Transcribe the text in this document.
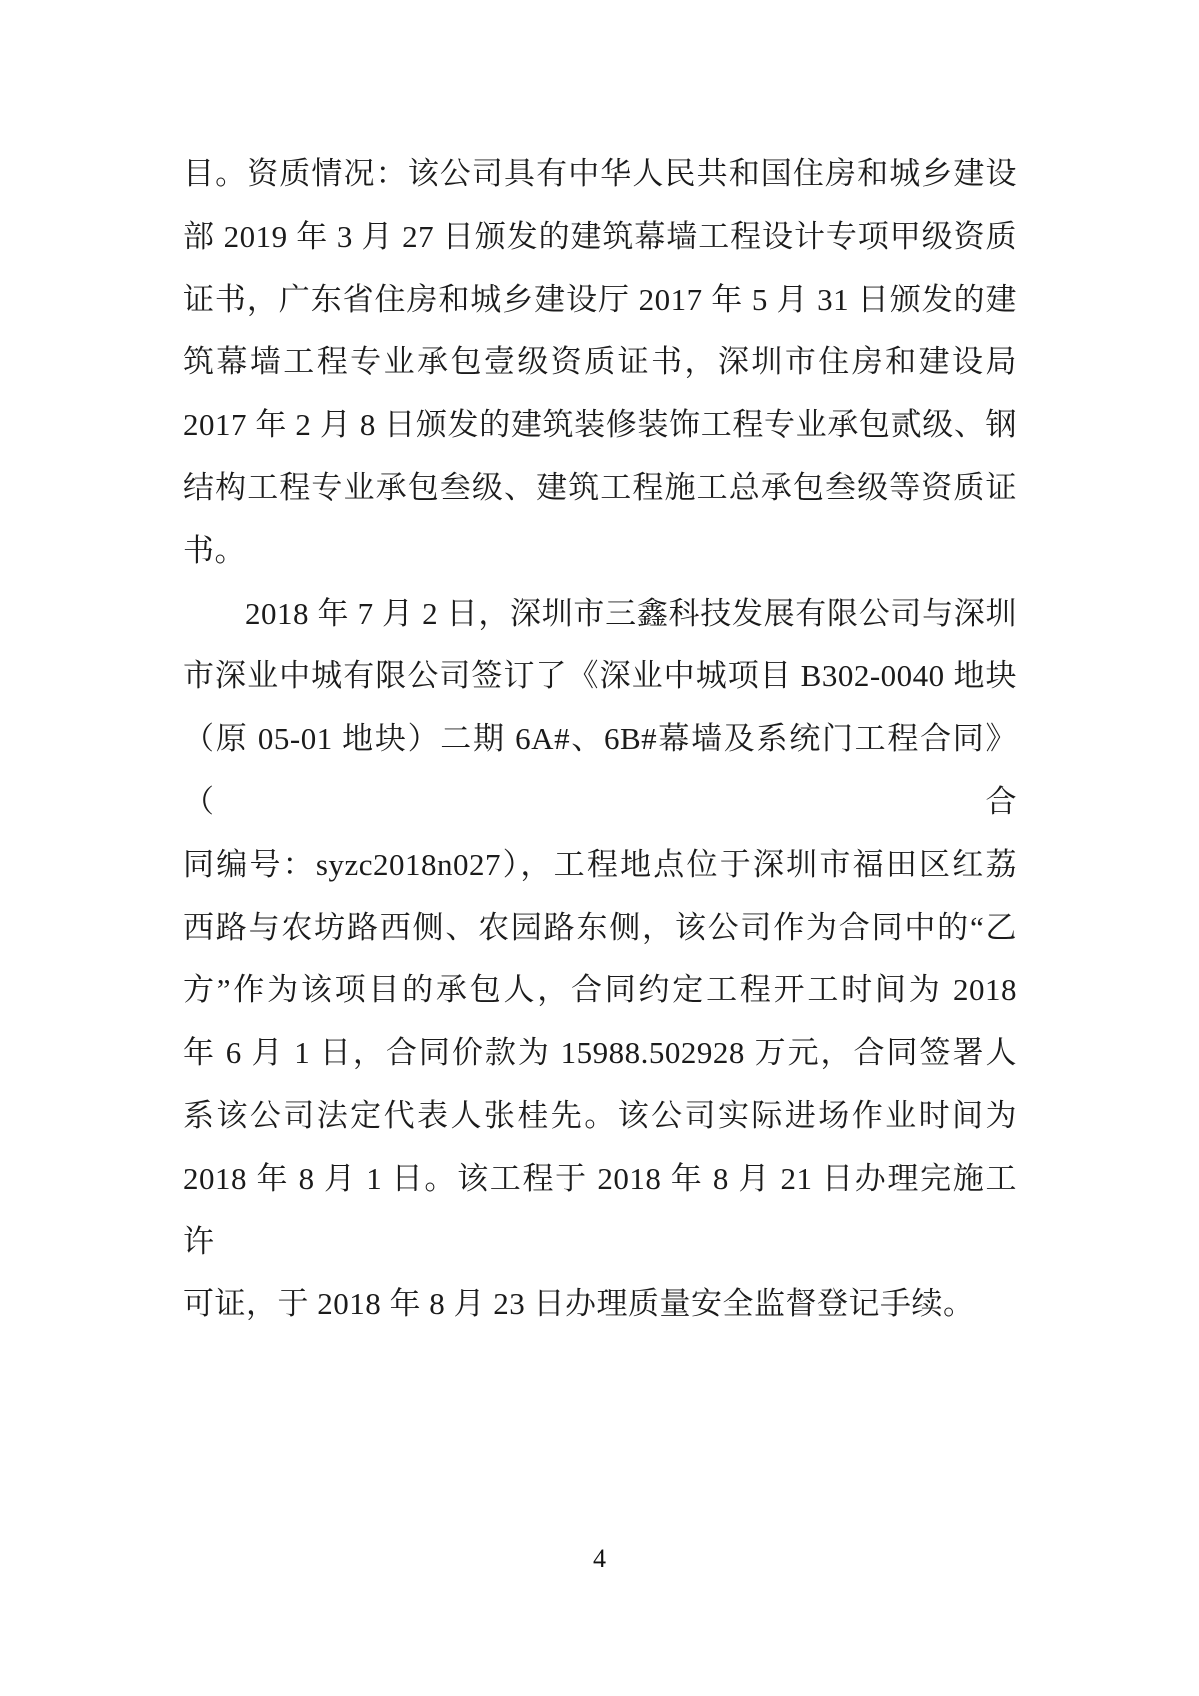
目。资质情况：该公司具有中华人民共和国住房和城乡建设

部 2019 年 3 月 27 日颁发的建筑幕墙工程设计专项甲级资质

证书，广东省住房和城乡建设厅 2017 年 5 月 31 日颁发的建

筑幕墙工程专业承包壹级资质证书，深圳市住房和建设局

2017 年 2 月 8 日颁发的建筑装修装饰工程专业承包贰级、钢

结构工程专业承包叁级、建筑工程施工总承包叁级等资质证

书。

2018 年 7 月 2 日，深圳市三鑫科技发展有限公司与深圳

市深业中城有限公司签订了《深业中城项目 B302-0040 地块

（原 05-01 地块）二期 6A#、6B#幕墙及系统门工程合同》（合

同编号：syzc2018n027），工程地点位于深圳市福田区红荔

西路与农坊路西侧、农园路东侧，该公司作为合同中的“乙

方”作为该项目的承包人，合同约定工程开工时间为 2018

年 6 月 1 日，合同价款为 15988.502928 万元，合同签署人

系该公司法定代表人张桂先。该公司实际进场作业时间为

2018 年 8 月 1 日。该工程于 2018 年 8 月 21 日办理完施工许

可证，于 2018 年 8 月 23 日办理质量安全监督登记手续。

4
